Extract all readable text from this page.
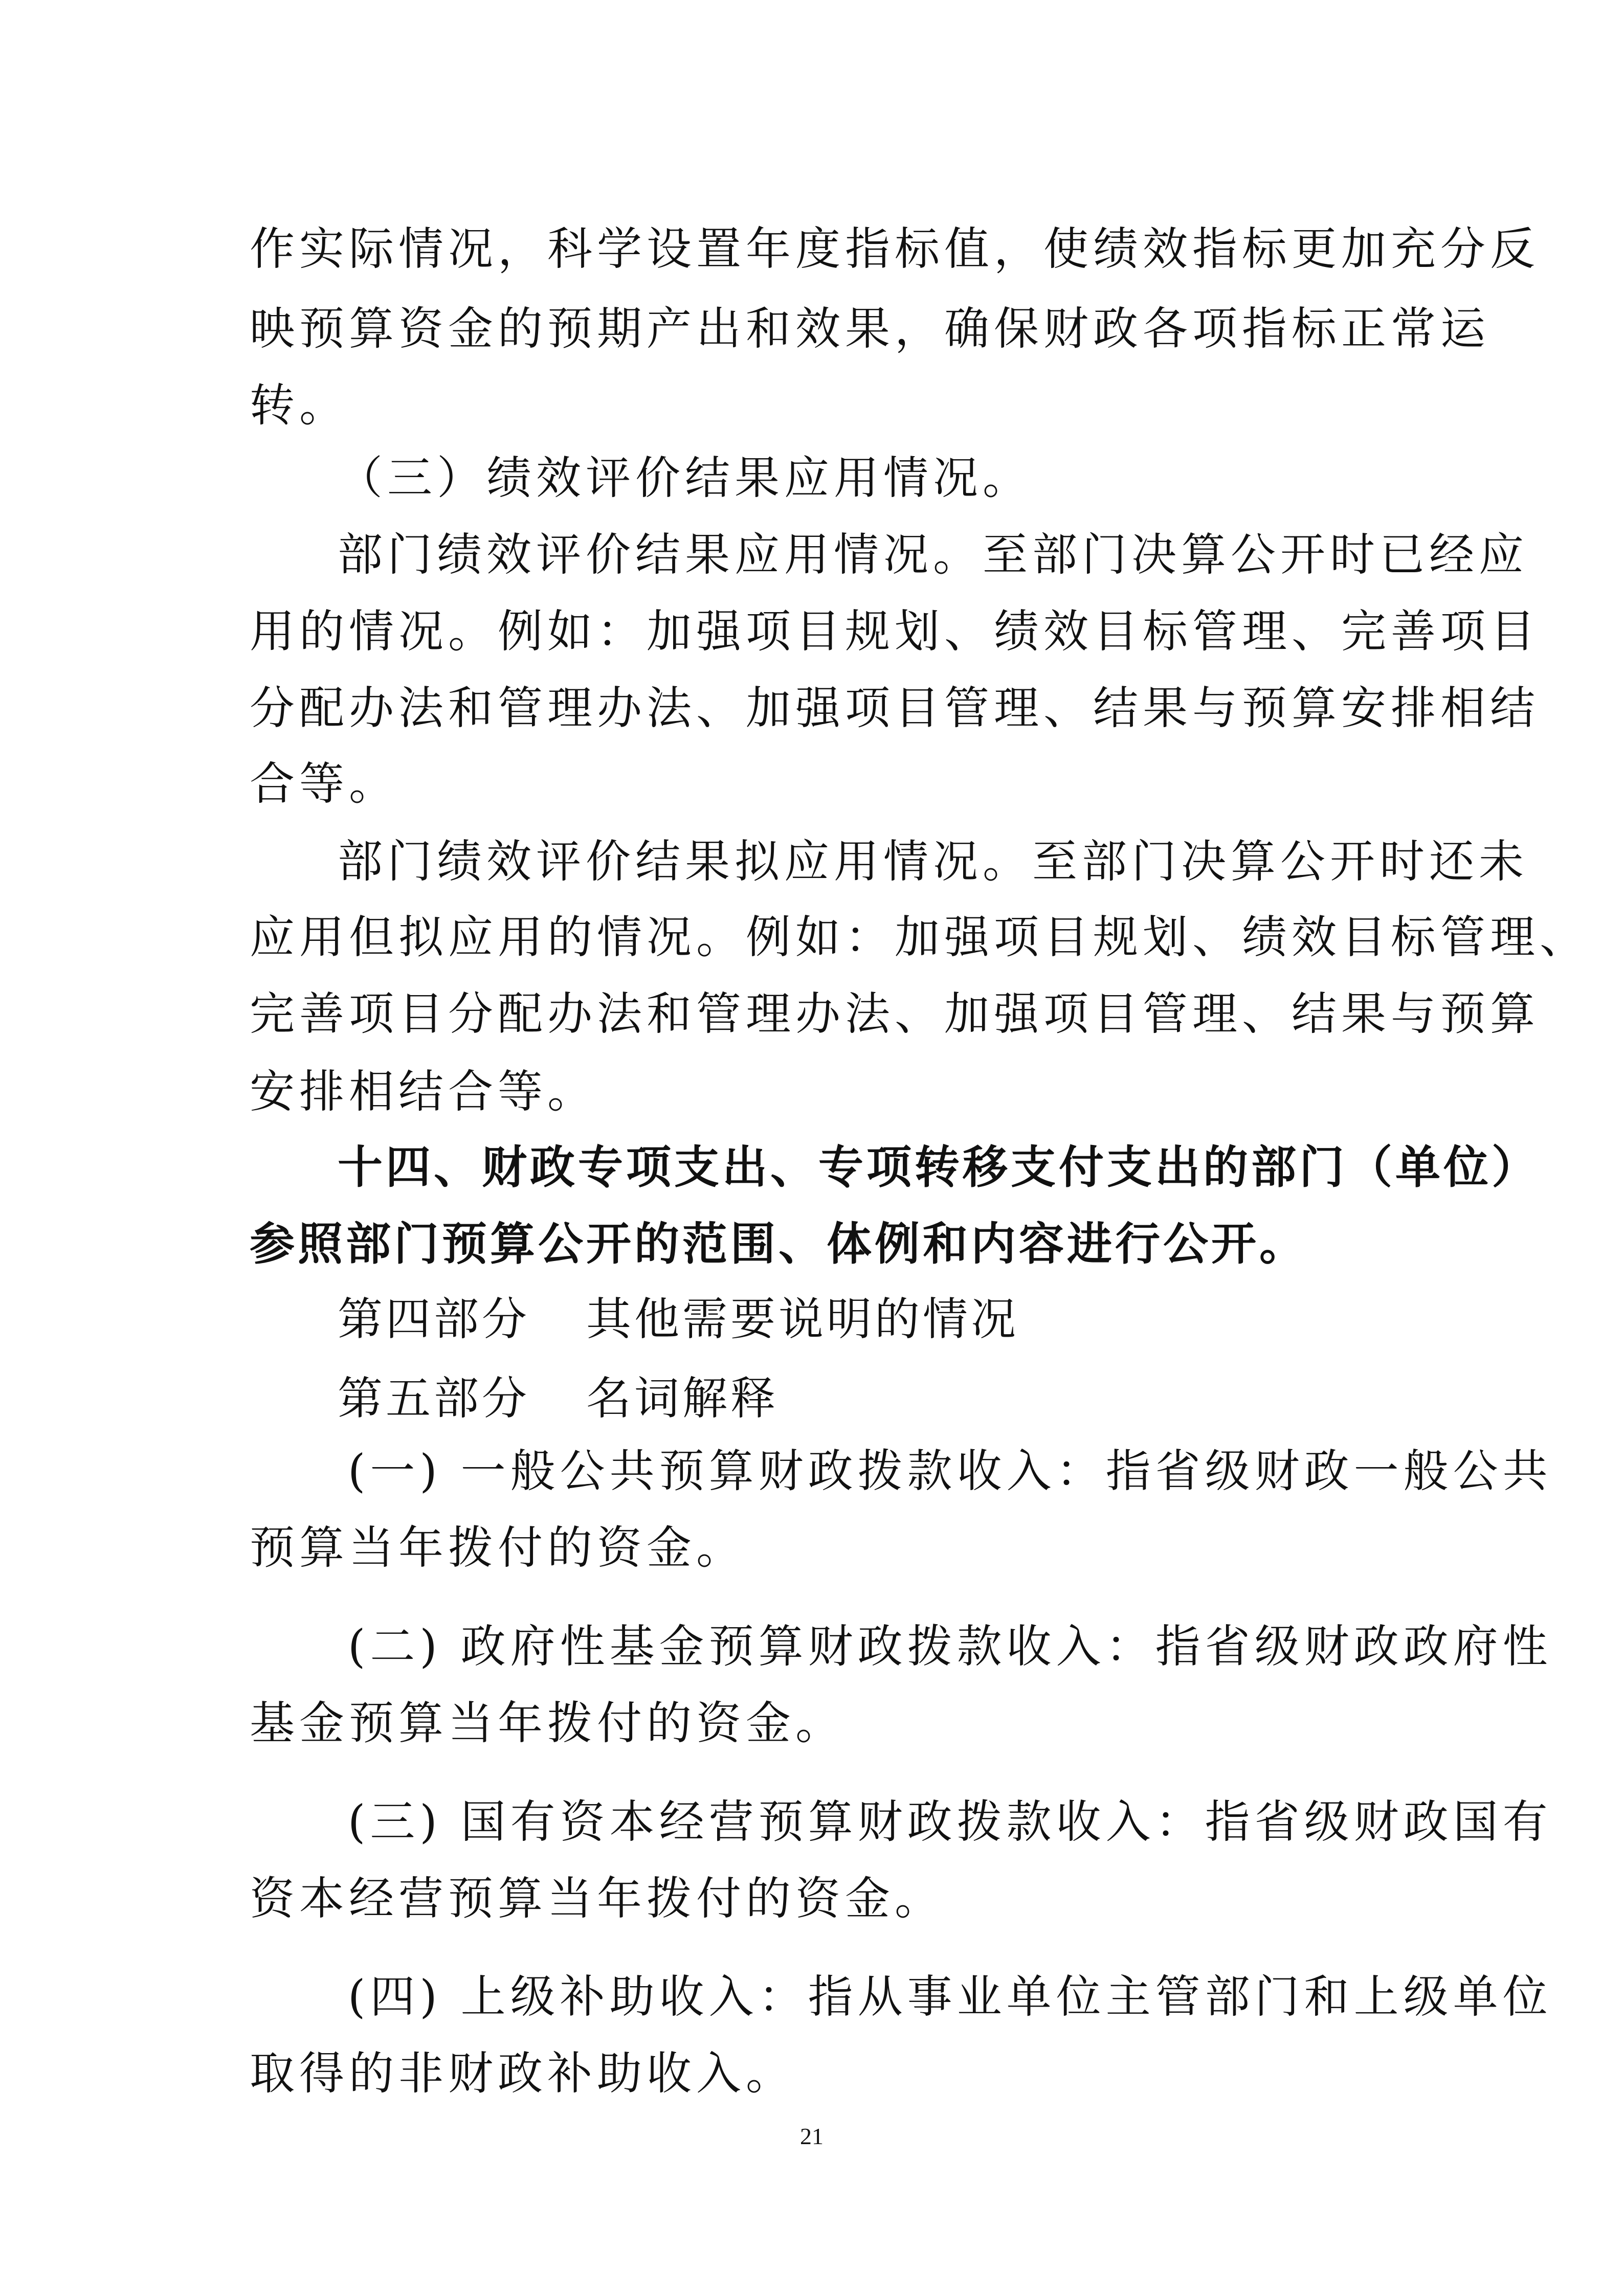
作实际情况，科学设置年度指标值，使绩效指标更加充分反

映预算资金的预期产出和效果，确保财政各项指标正常运

转。

（三）绩效评价结果应用情况。

部门绩效评价结果应用情况。至部门决算公开时已经应

用的情况。例如：加强项目规划、绩效目标管理、完善项目

分配办法和管理办法、加强项目管理、结果与预算安排相结

合等。

部门绩效评价结果拟应用情况。至部门决算公开时还未

应用但拟应用的情况。例如：加强项目规划、绩效目标管理、

完善项目分配办法和管理办法、加强项目管理、结果与预算

安排相结合等。

十四、财政专项支出、专项转移支付支出的部门（单位）

参照部门预算公开的范围、体例和内容进行公开。

第四部分 其他需要说明的情况

第五部分 名词解释

(一) 一般公共预算财政拨款收入：指省级财政一般公共

预算当年拨付的资金。

(二) 政府性基金预算财政拨款收入：指省级财政政府性

基金预算当年拨付的资金。

(三) 国有资本经营预算财政拨款收入：指省级财政国有

资本经营预算当年拨付的资金。

(四) 上级补助收入：指从事业单位主管部门和上级单位

取得的非财政补助收入。

21
